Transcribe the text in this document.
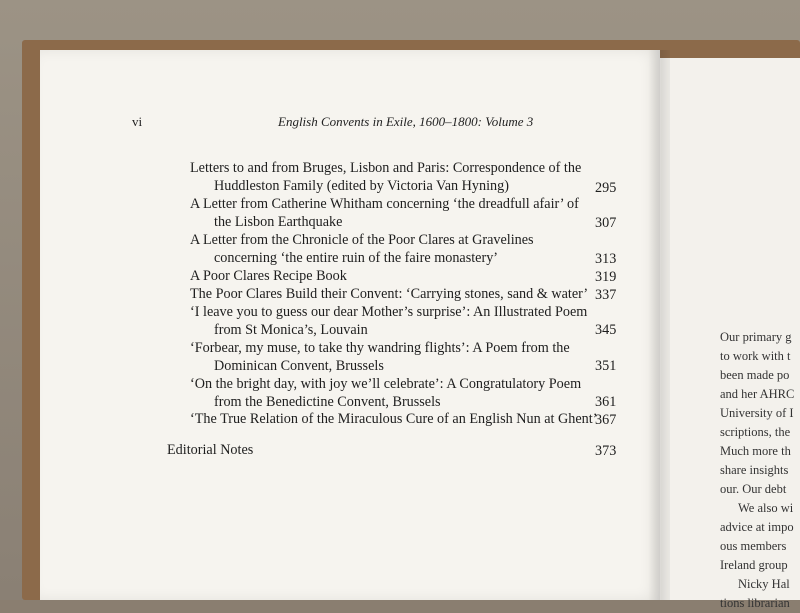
vi	English Convents in Exile, 1600–1800: Volume 3
Letters to and from Bruges, Lisbon and Paris: Correspondence of the
Huddleston Family (edited by Victoria Van Hyning)	295
A Letter from Catherine Whitham concerning ‘the dreadfull afair’ of
the Lisbon Earthquake	307
A Letter from the Chronicle of the Poor Clares at Gravelines
concerning ‘the entire ruin of the faire monastery’	313
A Poor Clares Recipe Book	319
The Poor Clares Build their Convent: ‘Carrying stones, sand & water’ 337
‘I leave you to guess our dear Mother’s surprise’: An Illustrated Poem
from St Monica’s, Louvain	345
‘Forbear, my muse, to take thy wandring flights’: A Poem from the
Dominican Convent, Brussels	351
‘On the bright day, with joy we’ll celebrate’: A Congratulatory Poem
from the Benedictine Convent, Brussels	361
‘The True Relation of the Miraculous Cure of an English Nun at Ghent’
367
Editorial Notes	373
Our primary g
to work with t
been made po
and her AHRC
University of I
scriptions, the
Much more th
share insights
our. Our debt
We also wi
advice at impo
ous members
Ireland group
Nicky Hal
tions librarian
